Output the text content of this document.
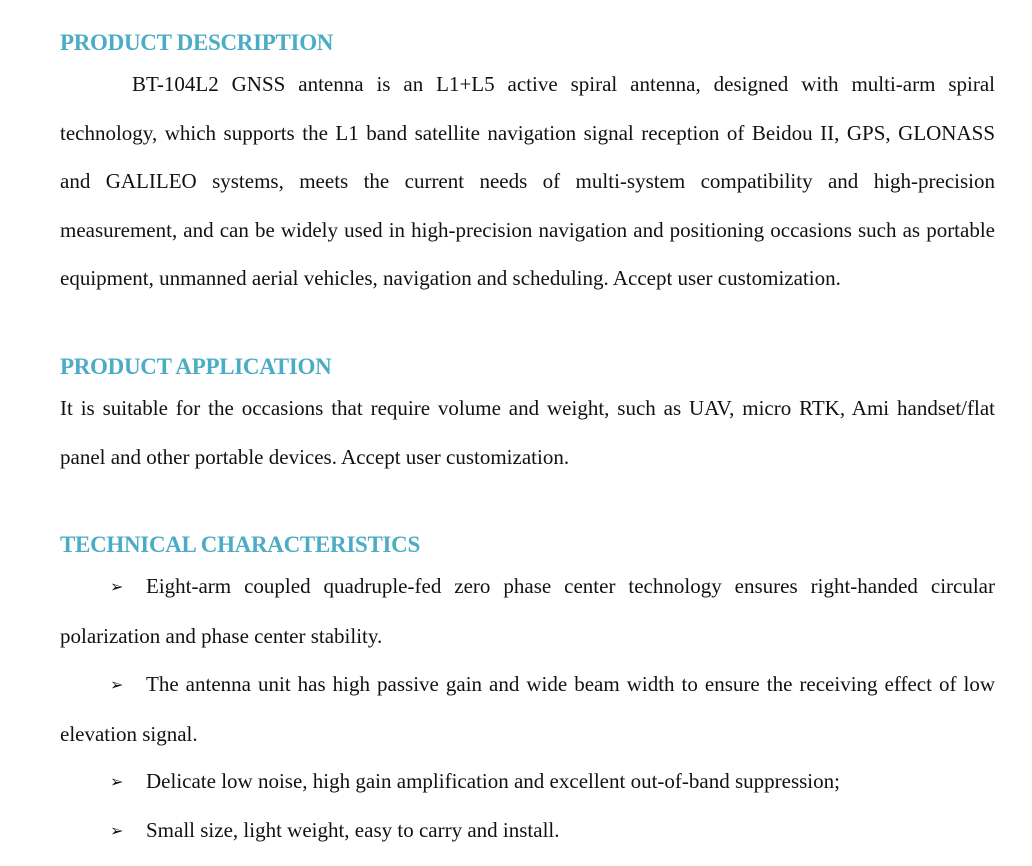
PRODUCT DESCRIPTION

BT-104L2 GNSS antenna is an L1+L5 active spiral antenna, designed with multi-arm spiral technology, which supports the L1 band satellite navigation signal reception of Beidou II, GPS, GLONASS and GALILEO systems, meets the current needs of multi-system compatibility and high-precision measurement, and can be widely used in high-precision navigation and positioning occasions such as portable equipment, unmanned aerial vehicles, navigation and scheduling. Accept user customization.

PRODUCT APPLICATION

It is suitable for the occasions that require volume and weight, such as UAV, micro RTK, Ami handset/flat panel and other portable devices. Accept user customization.

TECHNICAL CHARACTERISTICS

➢ Eight-arm coupled quadruple-fed zero phase center technology ensures right-handed circular polarization and phase center stability.

➢ The antenna unit has high passive gain and wide beam width to ensure the receiving effect of low elevation signal.

➢ Delicate low noise, high gain amplification and excellent out-of-band suppression;

➢ Small size, light weight, easy to carry and install.
